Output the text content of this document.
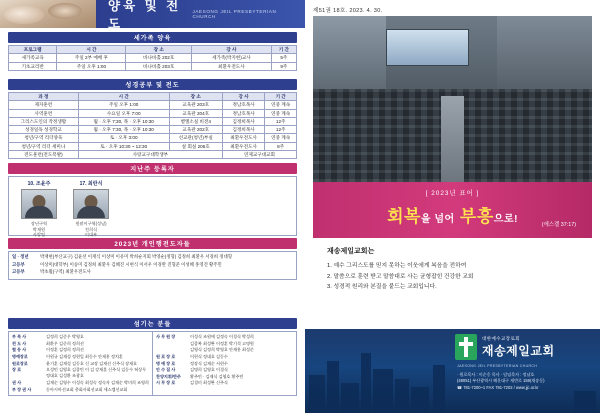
양육 및 전도
JAESONG JEIL PRESBYTERIAN CHURCH
세가족 양육
프로그램	시 간	장 소	강 사	기 간
새가족교육	주일 2부 예배 후	바나바홀 202호	세가족(박지현)교사	5주
기초교리반	주일 오후 1:00	바나바홀 203호	최환우전도사	9주
성경공부 및 전도
과 정	시 간	장 소	강 사	기 간
제자훈련	주일 오후 1:00	교육관 203호	정남호목사	연중 계속
사역훈련	수요일 오후 7:00	교육관 204호	정남호목사	연중 계속
그리스도인의 작정생활	월 · 오후 7:30, 목 · 오후 10:30	벧엘소실 비전4	김정희목사	12주
성경일독 성경학교	월 · 오후 7:30, 목 · 오후 10:30	교육관 202호	김정희목사	12주
청년/구역 리더양육	토 · 오후 3:00	선교관(청년)부실	최환우전도사	연중 계속
청년/구역 리더 세미나	토 · 오후 10:30 ~ 12:30	살 회실 205호	최환우전도사	8주
전도훈련(전도폭발)	사랑교구대학생부		연제교구대교회	
지난주 등록자
10. 조윤주
장년구역
박재원
사랑팀
17. 최란식
원팔이구역(성남)
전희식
이대부
2023년 개인행전도자들
일 · 정년	박재현(부산교구) 김윤선 이재식 이상미 이유미 박희순지회 박영순(정형) 김정희 최환우 서경희 정대형
고등부	이상미(대학부) 이승미 김정희 최환우 김혜진 시현식 이서우 이경완 진형준 이성혜 홍영견 황주민
고등부	박초월(구역) 최환우전도사
섬기는 분들
부 목 사	김정희 김준우 박영호
전 도 사	최환우 김준희 정희선
협 동 사	이정훈 김정희 정희선
명예장로	이원규 김재성 정현일 최동수 안재홍 정치훈
원로장로	윤기훈 김재성 김동호 신 교장 김재선 신주식 장재호
장 로	오성민 김영호 김종민 이 김 강재훈 신주식 김동수 허상무 정대호 김성환 조광호
권 사	김재순 김영수 이성숙 최성숙 정숙자 김재순 박미희 조영희
부 장 권 사	동아시아선교회 총회사회선교회 세스캠선교회
사 무 원 장	이성식 조원애 김정숙 이경식 박성희
김종복 최성완 이정훈 박기석 고명원
김영식 김정희 박영호 안재홍 최성준
원 로 장 로	이현식 정대호 김동수
명 예 장 로	정장식 김재순 서현수
안 수 집 사	김명희 김영호 이경식
찬양지휘/반주	황주민 · 김재식 김영호 황주민
시 무 장 로	김경미 최성완 신주식
제51권 18호. 2023. 4. 30.
[ 2023년 표어 ]
회복을 넘어 부흥으로!	(에스겔 37:17)
재송제일교회는
1. 예수 그리스도를 믿지 못하는 이웃에게 복음을 전하여
2. 말씀으로 훈련 받고 말씀대로 사는 균형잡힌 건강한 교회
3. 성경적 원리와 본질을 붙드는 교회입니다.
대한예수교장로회
재송제일교회
JAESONG JEIL PRESBYTERIAN CHURCH
· 원로목사 : 이순웅 목사 · 담임목사 : 정남호
(48051) 부산광역시 해운대구 재반로 159(재송동)
☎ 781-7200~1 FAX 781-7202 / www.jjc.or.kr
